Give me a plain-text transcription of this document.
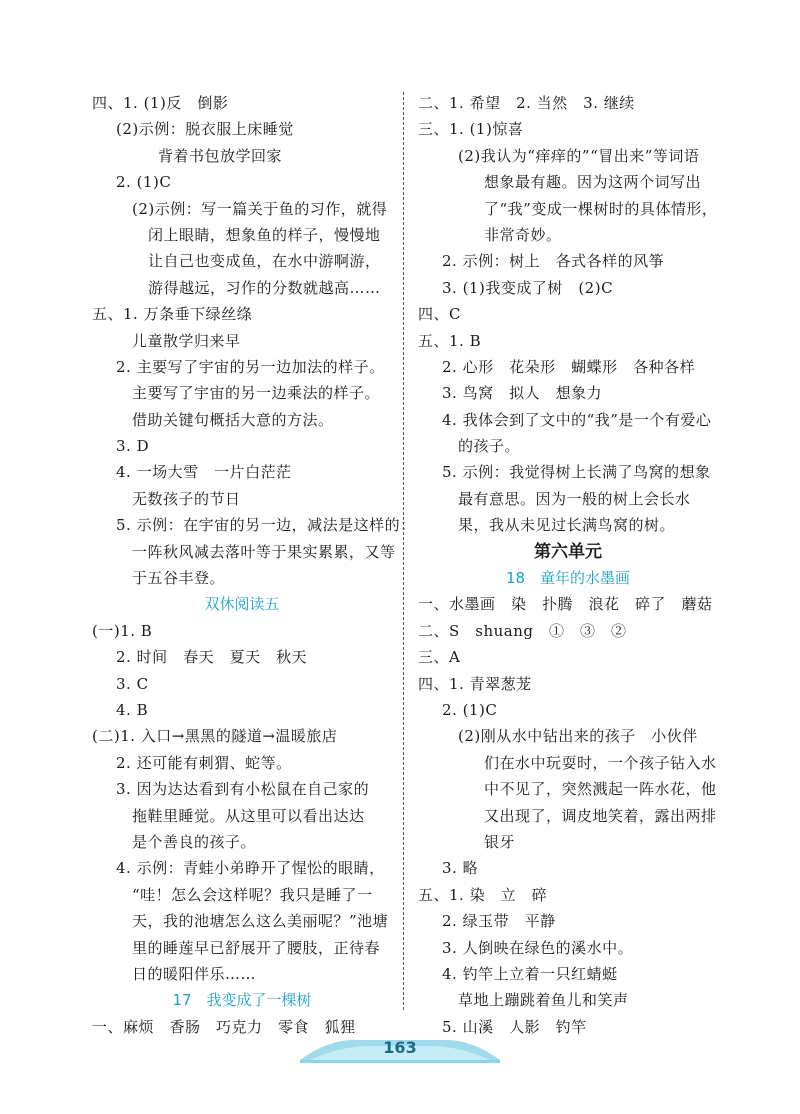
四、1. (1)反　倒影
(2)示例：脱衣服上床睡觉
背着书包放学回家
2. (1)C
(2)示例：写一篇关于鱼的习作，就得
闭上眼睛，想象鱼的样子，慢慢地
让自己也变成鱼，在水中游啊游，
游得越远，习作的分数就越高……
五、1. 万条垂下绿丝绦
儿童散学归来早
2. 主要写了宇宙的另一边加法的样子。
主要写了宇宙的另一边乘法的样子。
借助关键句概括大意的方法。
3. D
4. 一场大雪　一片白茫茫
无数孩子的节日
5. 示例：在宇宙的另一边，减法是这样的：
一阵秋风减去落叶等于果实累累，又等
于五谷丰登。
双休阅读五
(一)1. B
2. 时间　春天　夏天　秋天
3. C
4. B
(二)1. 入口→黑黑的隧道→温暖旅店
2. 还可能有刺猬、蛇等。
3. 因为达达看到有小松鼠在自己家的
拖鞋里睡觉。从这里可以看出达达
是个善良的孩子。
4. 示例：青蛙小弟睁开了惺忪的眼睛，
“哇！怎么会这样呢？我只是睡了一
天，我的池塘怎么这么美丽呢？”池塘
里的睡莲早已舒展开了腰肢，正待春
日的暖阳伴乐……
17　我变成了一棵树
一、麻烦　香肠　巧克力　零食　狐狸
二、1. 希望　2. 当然　3. 继续
三、1. (1)惊喜
(2)我认为“痒痒的”“冒出来”等词语
想象最有趣。因为这两个词写出
了“我”变成一棵树时的具体情形，
非常奇妙。
2. 示例：树上　各式各样的风筝
3. (1)我变成了树　(2)C
四、C
五、1. B
2. 心形　花朵形　蝴蝶形　各种各样
3. 鸟窝　拟人　想象力
4. 我体会到了文中的“我”是一个有爱心
的孩子。
5. 示例：我觉得树上长满了鸟窝的想象
最有意思。因为一般的树上会长水
果，我从未见过长满鸟窝的树。
第六单元
18　童年的水墨画
一、水墨画　染　扑腾　浪花　碎了　蘑菇
二、S　shuang　①　③　②
三、A
四、1. 青翠葱茏
2. (1)C
(2)刚从水中钻出来的孩子　小伙伴
们在水中玩耍时，一个孩子钻入水
中不见了，突然溅起一阵水花，他
又出现了，调皮地笑着，露出两排
银牙
3. 略
五、1. 染　立　碎
2. 绿玉带　平静
3. 人倒映在绿色的溪水中。
4. 钓竿上立着一只红蜻蜓
草地上蹦跳着鱼儿和笑声
5. 山溪　人影　钓竿
163
